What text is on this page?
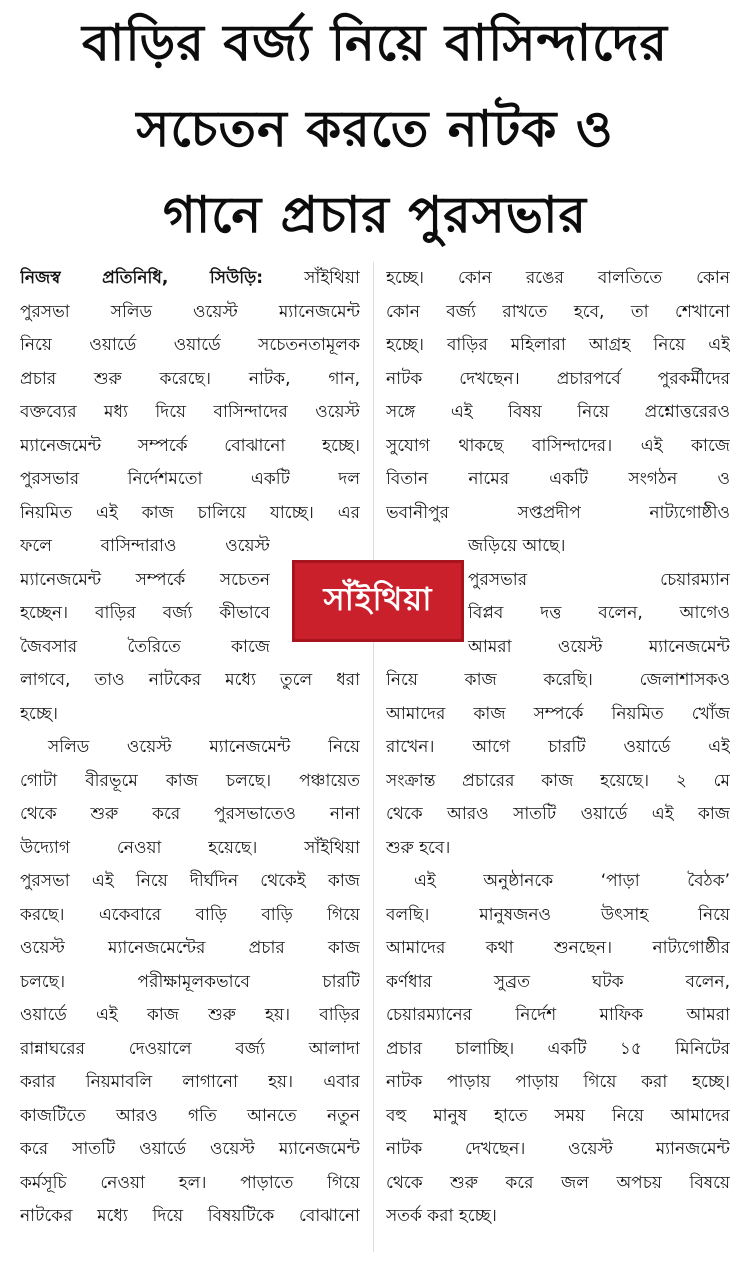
বাড়ির বর্জ্য নিয়ে বাসিন্দাদের
সচেতন করতে নাটক ও
গানে প্রচার পুরসভার
নিজস্ব প্রতিনিধি, সিউড়ি: সাঁইথিয়া
পুরসভা সলিড ওয়েস্ট ম্যানেজমেন্ট
নিয়ে ওয়ার্ডে ওয়ার্ডে সচেতনতামূলক
প্রচার শুরু করেছে। নাটক, গান,
বক্তব্যের মধ্য দিয়ে বাসিন্দাদের ওয়েস্ট
ম্যানেজমেন্ট সম্পর্কে বোঝানো হচ্ছে।
পুরসভার নির্দেশমতো একটি দল
নিয়মিত এই কাজ চালিয়ে যাচ্ছে। এর
ফলে বাসিন্দারাও ওয়েস্ট
ম্যানেজমেন্ট সম্পর্কে সচেতন
হচ্ছেন। বাড়ির বর্জ্য কীভাবে
জৈবসার তৈরিতে কাজে
লাগবে, তাও নাটকের মধ্যে তুলে ধরা
হচ্ছে।
সলিড ওয়েস্ট ম্যানেজমেন্ট নিয়ে
গোটা বীরভূমে কাজ চলছে। পঞ্চায়েত
থেকে শুরু করে পুরসভাতেও নানা
উদ্যোগ নেওয়া হয়েছে। সাঁইথিয়া
পুরসভা এই নিয়ে দীর্ঘদিন থেকেই কাজ
করছে। একেবারে বাড়ি বাড়ি গিয়ে
ওয়েস্ট ম্যানেজমেন্টের প্রচার কাজ
চলছে। পরীক্ষামূলকভাবে চারটি
ওয়ার্ডে এই কাজ শুরু হয়। বাড়ির
রান্নাঘরের দেওয়ালে বর্জ্য আলাদা
করার নিয়মাবলি লাগানো হয়। এবার
কাজটিতে আরও গতি আনতে নতুন
করে সাতটি ওয়ার্ডে ওয়েস্ট ম্যানেজমেন্ট
কর্মসূচি নেওয়া হল। পাড়াতে গিয়ে
নাটকের মধ্যে দিয়ে বিষয়টিকে বোঝানো
সাঁইথিয়া
হচ্ছে। কোন রঙের বালতিতে কোন
কোন বর্জ্য রাখতে হবে, তা শেখানো
হচ্ছে। বাড়ির মহিলারা আগ্রহ নিয়ে এই
নাটক দেখছেন। প্রচারপর্বে পুরকর্মীদের
সঙ্গে এই বিষয় নিয়ে প্রশ্নোত্তরেরও
সুযোগ থাকছে বাসিন্দাদের। এই কাজে
বিতান নামের একটি সংগঠন ও
ভবানীপুর সপ্তপ্রদীপ নাট্যগোষ্ঠীও
জড়িয়ে আছে।
পুরসভার চেয়ারম্যান
বিপ্লব দত্ত বলেন, আগেও
আমরা ওয়েস্ট ম্যানেজমেন্ট
নিয়ে কাজ করেছি। জেলাশাসকও
আমাদের কাজ সম্পর্কে নিয়মিত খোঁজ
রাখেন। আগে চারটি ওয়ার্ডে এই
সংক্রান্ত প্রচারের কাজ হয়েছে। ২ মে
থেকে আরও সাতটি ওয়ার্ডে এই কাজ
শুরু হবে।
এই অনুষ্ঠানকে ‘পাড়া বৈঠক’
বলছি। মানুষজনও উৎসাহ নিয়ে
আমাদের কথা শুনছেন। নাট্যগোষ্ঠীর
কর্ণধার সুব্রত ঘটক বলেন,
চেয়ারম্যানের নির্দেশ মাফিক আমরা
প্রচার চালাচ্ছি। একটি ১৫ মিনিটের
নাটক পাড়ায় পাড়ায় গিয়ে করা হচ্ছে।
বহু মানুষ হাতে সময় নিয়ে আমাদের
নাটক দেখছেন। ওয়েস্ট ম্যানজমেন্ট
থেকে শুরু করে জল অপচয় বিষয়ে
সতর্ক করা হচ্ছে।
